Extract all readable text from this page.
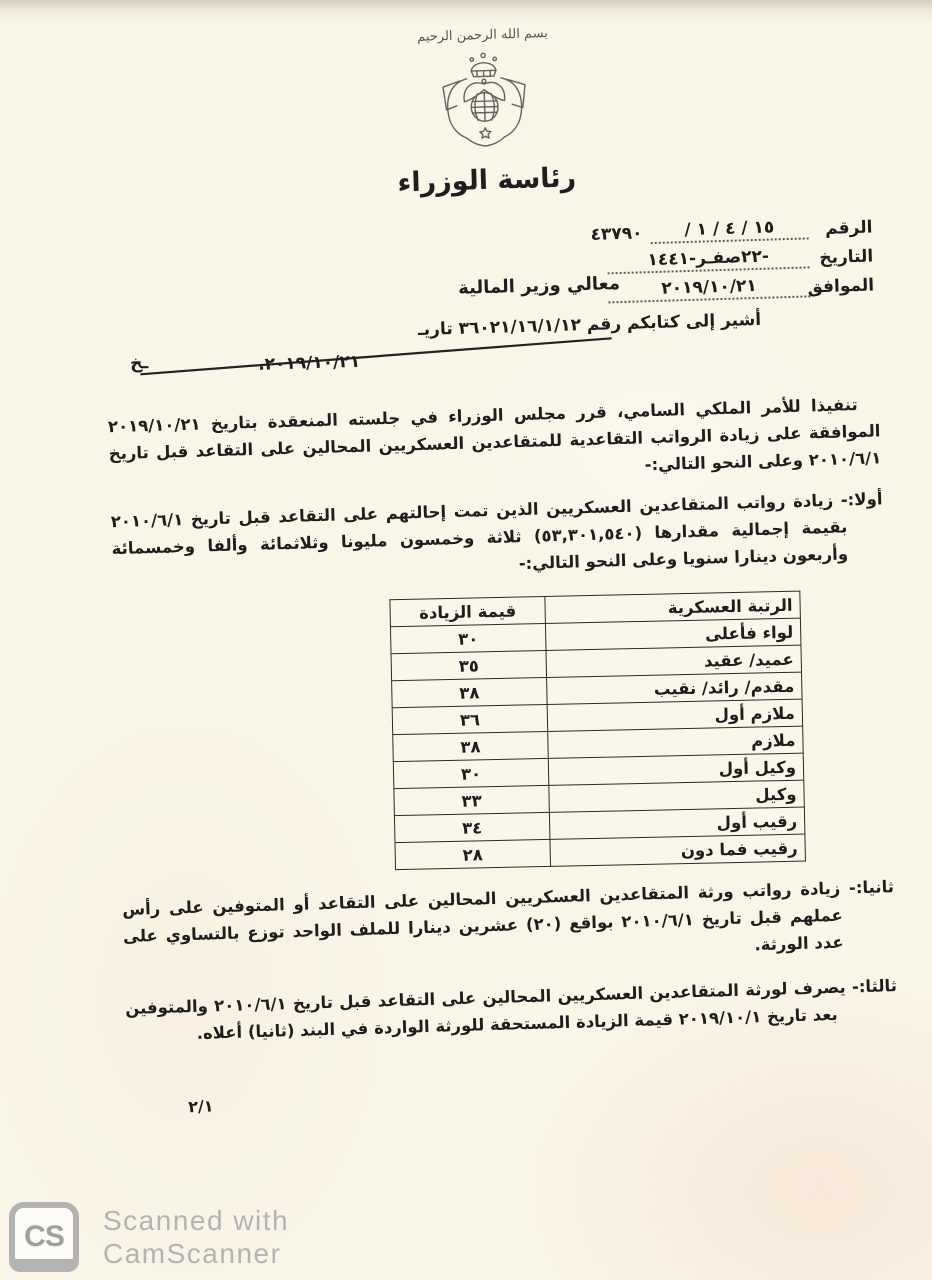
بسم الله الرحمن الرحيم
رئاسة الوزراء
الرقم
١٥ / ٤ / ١ /
٤٣٧٩٠
التاريخ
-٢٢صفـر-١٤٤١
الموافق
٢٠١٩/١٠/٢١
معالي وزير المالية
أشير إلى كتابكم رقم ٣٦٠٢١/١٦/١/١٢ تاريـ
٢٠١٩/١٠/٢١.
ـخ

تنفيذا للأمر الملكي السامي، قرر مجلس الوزراء في جلسته المنعقدة بتاريخ ٢٠١٩/١٠/٢١ الموافقة على زيادة الرواتب التقاعدية للمتقاعدين العسكريين المحالين على التقاعد قبل تاريخ ٢٠١٠/٦/١ وعلى النحو التالي:-

أولا:- زيادة رواتب المتقاعدين العسكريين الذين تمت إحالتهم على التقاعد قبل تاريخ ٢٠١٠/٦/١ بقيمة إجمالية مقدارها (٥٣,٣٠١,٥٤٠) ثلاثة وخمسون مليونا وثلاثمائة وألفا وخمسمائة وأربعون دينارا سنويا وعلى النحو التالي:-

الرتبة العسكرية	قيمة الزيادة
لواء فأعلى	٣٠
عميد/ عقيد	٣٥
مقدم/ رائد/ نقيب	٣٨
ملازم أول	٣٦
ملازم	٣٨
وكيل أول	٣٠
وكيل	٣٣
رقيب أول	٣٤
رقيب فما دون	٢٨

ثانيا:- زيادة رواتب ورثة المتقاعدين العسكريين المحالين على التقاعد أو المتوفين على رأس عملهم قبل تاريخ ٢٠١٠/٦/١ بواقع (٢٠) عشرين دينارا للملف الواحد توزع بالتساوي على عدد الورثة.

ثالثا:- يصرف لورثة المتقاعدين العسكريين المحالين على التقاعد قبل تاريخ ٢٠١٠/٦/١ والمتوفين بعد تاريخ ٢٠١٩/١٠/١ قيمة الزيادة المستحقة للورثة الواردة في البند (ثانيا) أعلاه.

٢/١
CS Scanned with
CamScanner
